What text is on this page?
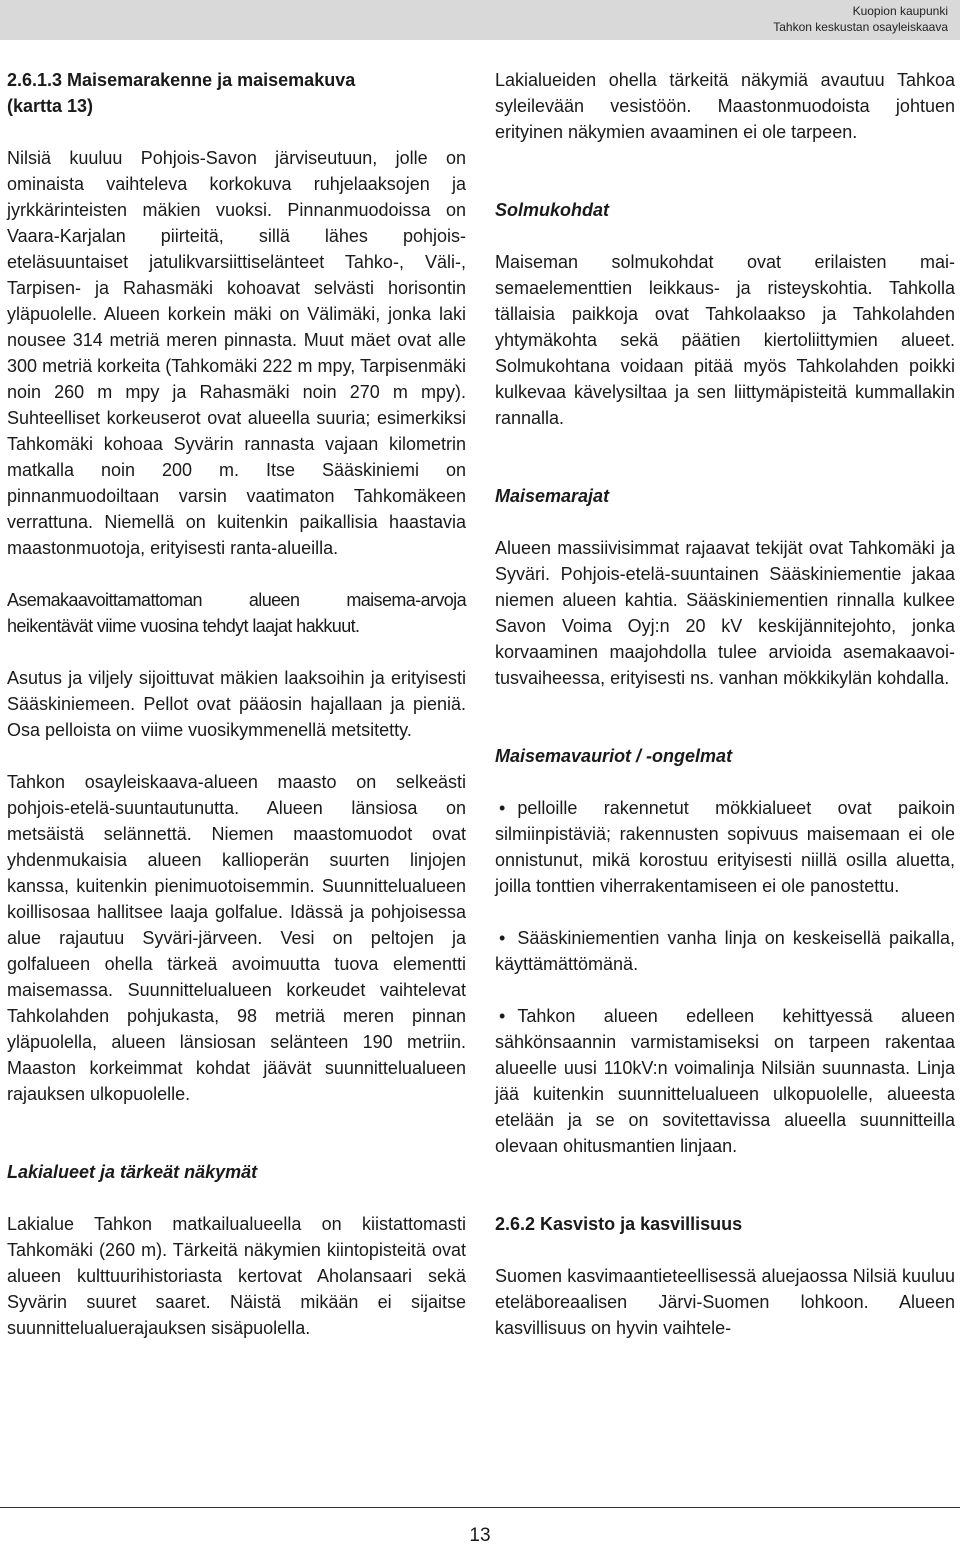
Kuopion kaupunki
Tahkon keskustan osayleiskaava
2.6.1.3 Maisemarakenne ja maisemakuva
(kartta 13)

Nilsiä kuuluu Pohjois-Savon järviseutuun, jolle on ominaista vaihteleva korkokuva ruhjelaaksojen ja jyrkkärinteisten mäkien vuoksi. Pinnanmuodoissa on Vaara-Karjalan piirteitä, sillä lähes pohjois-eteläsuuntaiset jatulikvarsiittiselänteet Tahko-, Väli-, Tarpisen- ja Rahasmäki kohoavat selvästi horisontin yläpuolelle. Alueen korkein mäki on Välimäki, jonka laki nousee 314 metriä meren pinnasta. Muut mäet ovat alle 300 metriä korkeita (Tahkomäki 222 m mpy, Tarpisenmäki noin 260 m mpy ja Rahasmäki noin 270 m mpy). Suhteelliset korkeuserot ovat alueella suuria; esimerkiksi Tahkomäki kohoaa Syvärin rannasta vajaan kilometrin matkalla noin 200 m. Itse Sääskiniemi on pinnanmuodoiltaan varsin vaatimaton Tahkomäkeen verrattuna. Niemellä on kuitenkin paikallisia haastavia maastonmuotoja, erityisesti ranta-alueilla.

Asemakaavoittamattoman alueen maisema-arvoja heikentävät viime vuosina tehdyt laajat hakkuut.

Asutus ja viljely sijoittuvat mäkien laaksoihin ja erityisesti Sääskiniemeen. Pellot ovat pääosin hajallaan ja pieniä. Osa pelloista on viime vuosikymmenellä metsitetty.

Tahkon osayleiskaava-alueen maasto on selkeästi pohjois-etelä-suuntautunutta. Alueen länsiosa on metsäistä selännettä. Niemen maastomuodot ovat yhdenmukaisia alueen kallioperän suurten linjojen kanssa, kuitenkin pienimuotoisemmin. Suunnittelualueen koillisosaa hallitsee laaja golfalue. Idässä ja pohjoisessa alue rajautuu Syväri-järveen. Vesi on peltojen ja golfalueen ohella tärkeä avoimuutta tuova elementti maisemassa. Suunnittelualueen korkeudet vaihtelevat Tahkolahden pohjukasta, 98 metriä meren pinnan yläpuolella, alueen länsiosan selänteen 190 metriin. Maaston korkeimmat kohdat jäävät suunnittelualueen rajauksen ulkopuolelle.

Lakialueet ja tärkeät näkymät

Lakialue Tahkon matkailualueella on kiistattomasti Tahkomäki (260 m). Tärkeitä näkymien kiintopisteitä ovat alueen kulttuurihistoriasta kertovat Aholansaari sekä Syvärin suuret saaret. Näistä mikään ei sijaitse suunnittelualuerajauksen sisäpuolella.

Lakialueiden ohella tärkeitä näkymiä avautuu Tahkoa syleilevään vesistöön. Maastonmuodoista johtuen erityinen näkymien avaaminen ei ole tarpeen.

Solmukohdat

Maiseman solmukohdat ovat erilaisten maisemaelementtien leikkaus- ja risteyskohtia. Tahkolla tällaisia paikkoja ovat Tahkolaakso ja Tahkolahden yhtymäkohta sekä päätien kiertoliittymien alueet. Solmukohtana voidaan pitää myös Tahkolahden poikki kulkevaa kävelysiltaa ja sen liittymäpisteitä kummallakin rannalla.

Maisemarajat

Alueen massiivisimmat rajaavat tekijät ovat Tahkomäki ja Syväri. Pohjois-etelä-suuntainen Sääskiniementie jakaa niemen alueen kahtia. Sääskiniementien rinnalla kulkee Savon Voima Oyj:n 20 kV keskijännitejohto, jonka korvaaminen maajohdolla tulee arvioida asemakaavoitusvaiheessa, erityisesti ns. vanhan mökkikylän kohdalla.

Maisemavauriot / -ongelmat
• pelloille rakennetut mökkialueet ovat paikoin silmiinpistäviä; rakennusten sopivuus maisemaan ei ole onnistunut, mikä korostuu erityisesti niillä osilla aluetta, joilla tonttien viherrakentamiseen ei ole panostettu.
• Sääskiniementien vanha linja on keskeisellä paikalla, käyttämättömänä.
• Tahkon alueen edelleen kehittyessä alueen sähkönsaannin varmistamiseksi on tarpeen rakentaa alueelle uusi 110kV:n voimalinja Nilsiän suunnasta. Linja jää kuitenkin suunnittelualueen ulkopuolelle, alueesta etelään ja se on sovitettavissa alueella suunnitteilla olevaan ohitusmantien linjaan.
2.6.2 Kasvisto ja kasvillisuus

Suomen kasvimaantieteellisessä aluejaossa Nilsiä kuuluu eteläboreaalisen Järvi-Suomen lohkoon. Alueen kasvillisuus on hyvin vaihtele-

13
